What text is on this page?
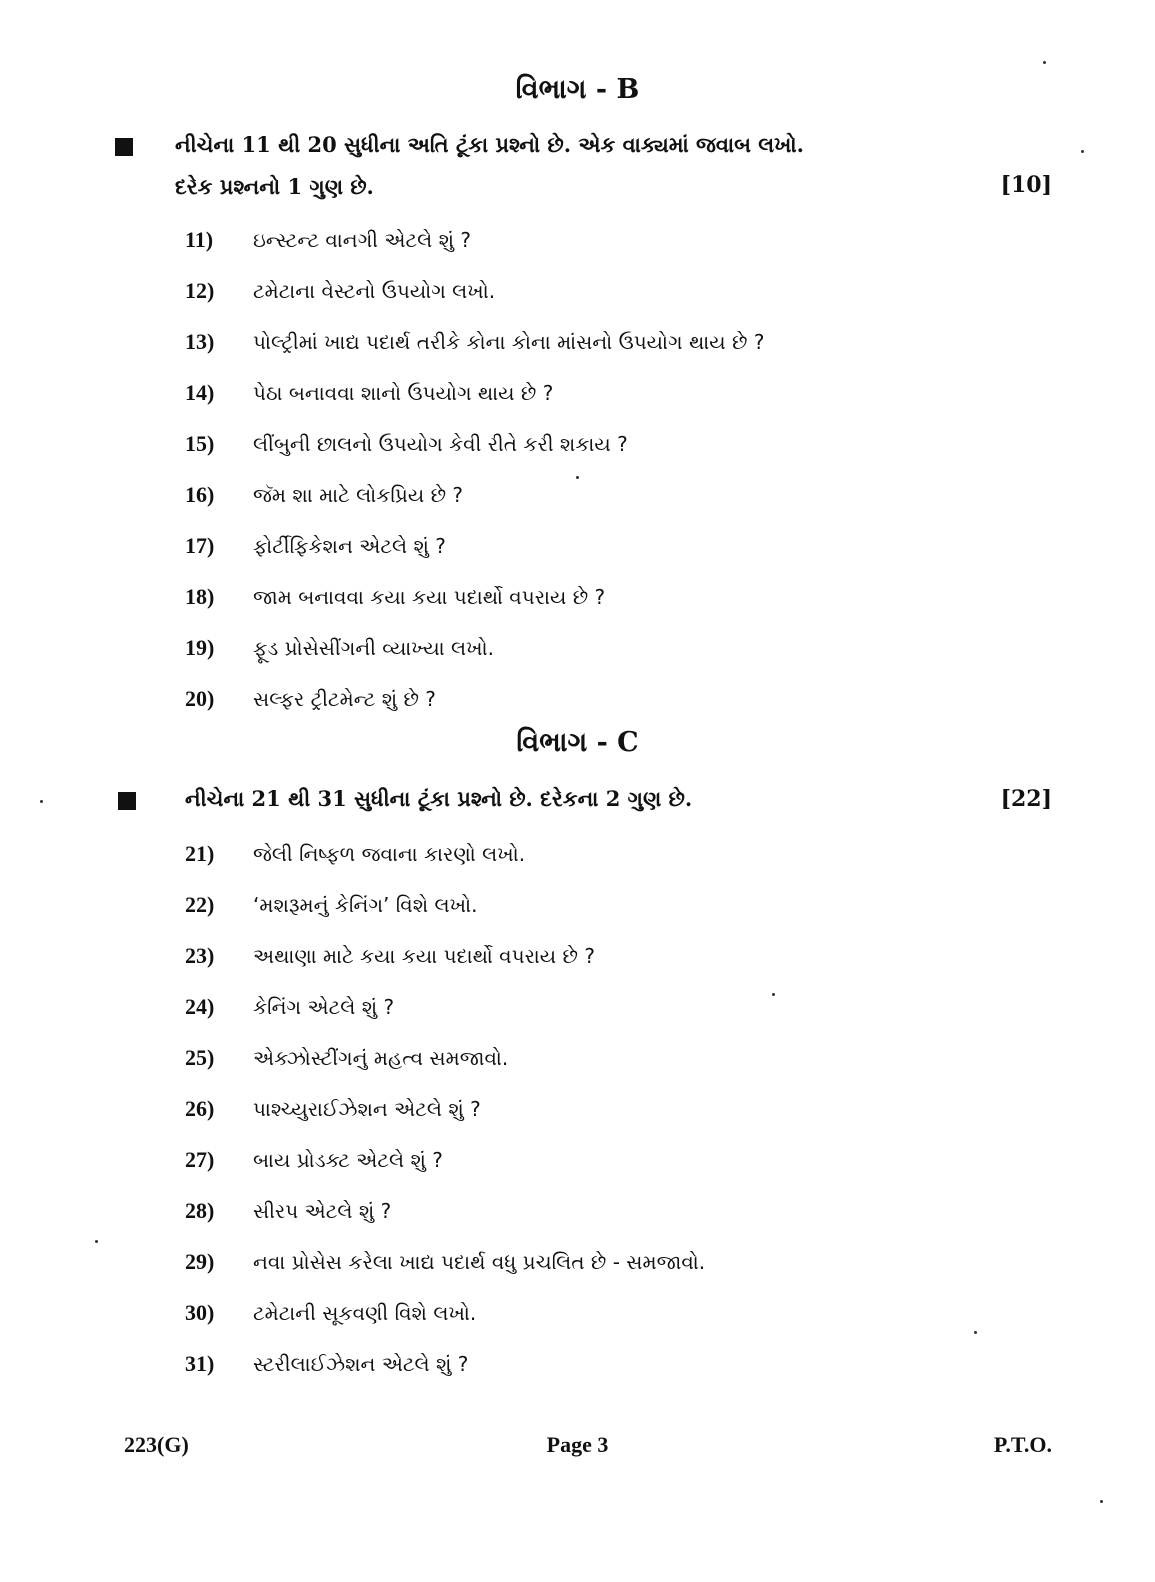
વિભાગ - B
નીચેના 11 થી 20 સુધીના અતિ ટૂંકા પ્રશ્નો છે. એક વાક્યમાં જવાબ લખો.
દરેક પ્રશ્નનો 1 ગુણ છે.	[10]
11)	ઇન્સ્ટન્ટ વાનગી એટલે શું ?
12)	ટમેટાના વેસ્ટનો ઉપયોગ લખો.
13)	પોલ્ટ્રીમાં ખાદ્ય પદાર્થ તરીકે કોના કોના માંસનો ઉપયોગ થાય છે ?
14)	પેઠા બનાવવા શાનો ઉપયોગ થાય છે ?
15)	લીંબુની છાલનો ઉપયોગ કેવી રીતે કરી શકાય ?
16)	જૅમ શા માટે લોકપ્રિય છે ?
17)	ફોર્ટીફિકેશન એટલે શું ?
18)	જામ બનાવવા કયા કયા પદાર્થો વપરાય છે ?
19)	ફૂડ પ્રોસેસીંગની વ્યાખ્યા લખો.
20)	સલ્ફર ટ્રીટમેન્ટ શું છે ?
વિભાગ - C
નીચેના 21 થી 31 સુધીના ટૂંકા પ્રશ્નો છે. દરેકના 2 ગુણ છે.	[22]
21)	જેલી નિષ્ફળ જવાના કારણો લખો.
22)	‘મશરૂમનું કેનિંગ’ વિશે લખો.
23)	અથાણા માટે કયા કયા પદાર્થો વપરાય છે ?
24)	કેનિંગ એટલે શું ?
25)	એક્ઝોસ્ટીંગનું મહત્વ સમજાવો.
26)	પાશ્ચ્યુરાઈઝેશન એટલે શું ?
27)	બાય પ્રોડક્ટ એટલે શું ?
28)	સીરપ એટલે શું ?
29)	નવા પ્રોસેસ કરેલા ખાદ્ય પદાર્થ વધુ પ્રચલિત છે - સમજાવો.
30)	ટમેટાની સૂકવણી વિશે લખો.
31)	સ્ટરીલાઈઝેશન એટલે શું ?
223(G)	Page 3	P.T.O.
